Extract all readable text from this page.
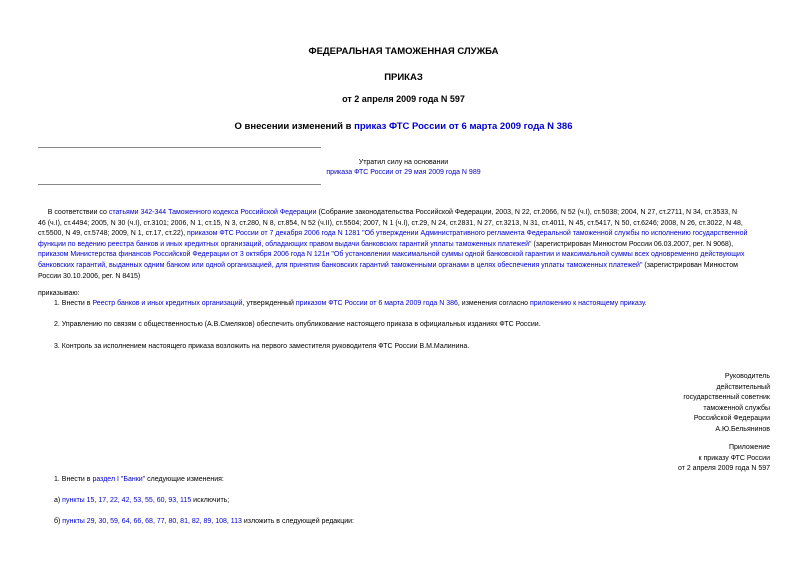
ФЕДЕРАЛЬНАЯ ТАМОЖЕННАЯ СЛУЖБА
ПРИКАЗ
от 2 апреля 2009 года N 597
О внесении изменений в приказ ФТС России от 6 марта 2009 года N 386
Утратил силу на основании
приказа ФТС России от 29 мая 2009 года N 989
В соответствии со статьями 342-344 Таможенного кодекса Российской Федерации (Собрание законодательства Российской Федерации, 2003, N 22, ст.2066, N 52 (ч.I), ст.5038; 2004, N 27, ст.2711, N 34, ст.3533, N
46 (ч.I), ст.4494; 2005, N 30 (ч.I), ст.3101; 2006, N 1, ст.15, N 3, ст.280, N 8, ст.854, N 52 (ч.II), ст.5504; 2007, N 1 (ч.I), ст.29, N 24, ст.2831, N 27, ст.3213, N 31, ст.4011, N 45, ст.5417, N 50, ст.6246; 2008, N 26, ст.3022, N 48,
ст.5500, N 49, ст.5748; 2009, N 1, ст.17, ст.22), приказом ФТС России от 7 декабря 2006 года N 1281 "Об утверждении Административного регламента Федеральной таможенной службы по исполнению государственной
функции по ведению реестра банков и иных кредитных организаций, обладающих правом выдачи банковских гарантий уплаты таможенных платежей" (зарегистрирован Минюстом России 06.03.2007, рег. N 9068),
приказом Министерства финансов Российской Федерации от 3 октября 2006 года N 121н "Об установлении максимальной суммы одной банковской гарантии и максимальной суммы всех одновременно действующих
банковских гарантий, выданных одним банком или одной организацией, для принятия банковских гарантий таможенными органами в целях обеспечения уплаты таможенных платежей" (зарегистрирован Минюстом
России 30.10.2006, рег. N 8415)
приказываю:
1. Внести в Реестр банков и иных кредитных организаций, утвержденный приказом ФТС России от 6 марта 2009 года N 386, изменения согласно приложению к настоящему приказу.
2. Управлению по связям с общественностью (А.В.Смеляков) обеспечить опубликование настоящего приказа в официальных изданиях ФТС России.
3. Контроль за исполнением настоящего приказа возложить на первого заместителя руководителя ФТС России В.М.Малинина.
Руководитель
действительный
государственный советник
таможенной службы
Российской Федерации
А.Ю.Бельянинов
Приложение
к приказу ФТС России
от 2 апреля 2009 года N 597
1. Внести в раздел I "Банки" следующие изменения:
а) пункты 15, 17, 22, 42, 53, 55, 60, 93, 115 исключить;
б) пункты 29, 30, 59, 64, 66, 68, 77, 80, 81, 82, 89, 108, 113 изложить в следующей редакции:
